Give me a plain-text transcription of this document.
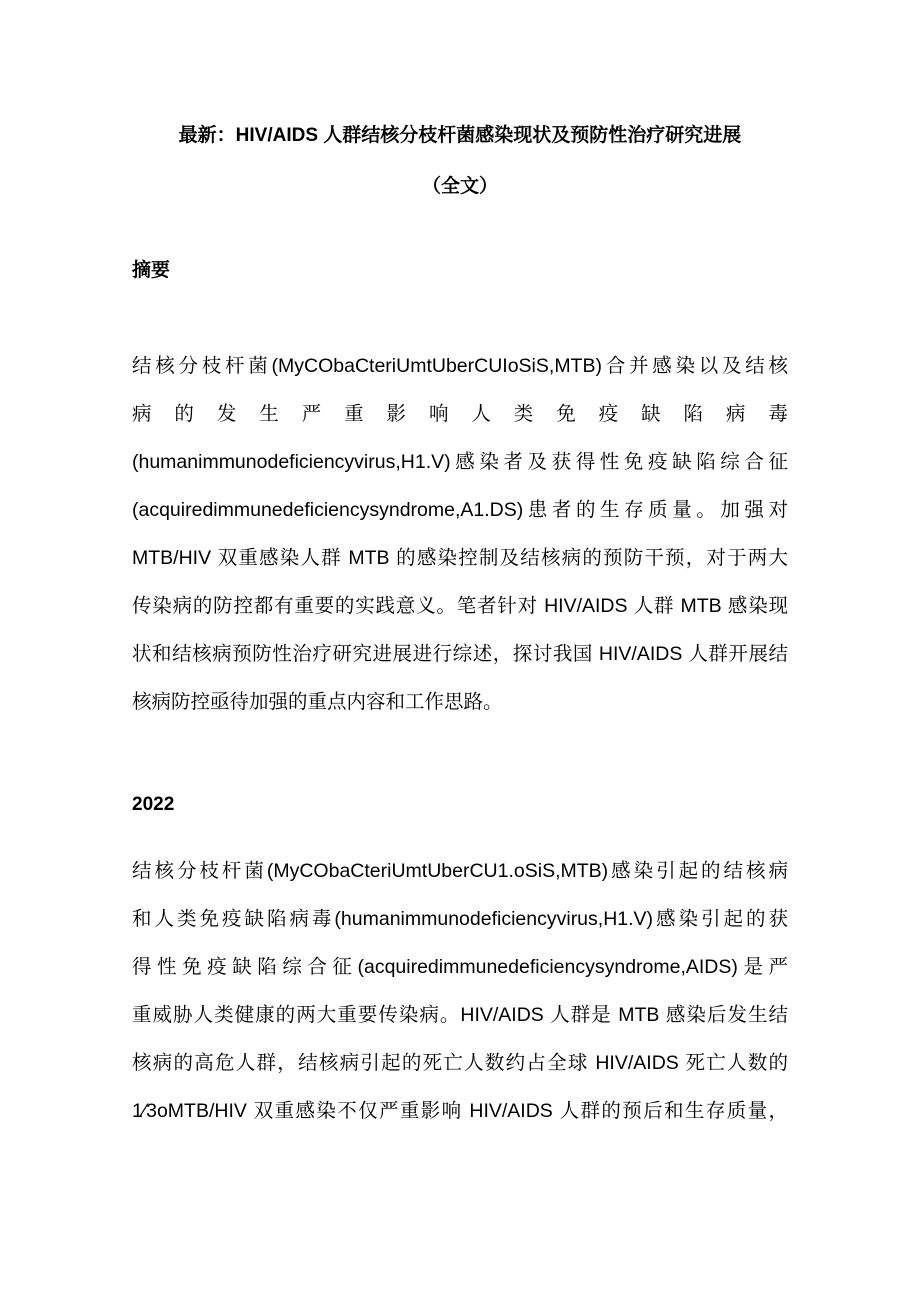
最新：HIV/AIDS 人群结核分枝杆菌感染现状及预防性治疗研究进展
（全文）
摘要
结核分枝杆菌(MyCObaCteriUmtUberCUIoSiS,MTB)合并感染以及结核
病 的 发 生 严 重 影 响 人 类 免 疫 缺 陷 病 毒
(humanimmunodeficiencyvirus,H1.V)感染者及获得性免疫缺陷综合征
(acquiredimmunedeficiencysyndrome,A1.DS)患者的生存质量。加强对
MTB/HIV 双重感染人群 MTB 的感染控制及结核病的预防干预，对于两大
传染病的防控都有重要的实践意义。笔者针对 HIV/AIDS 人群 MTB 感染现
状和结核病预防性治疗研究进展进行综述，探讨我国 HIV/AIDS 人群开展结
核病防控亟待加强的重点内容和工作思路。
2022
结核分枝杆菌(MyCObaCteriUmtUberCU1.oSiS,MTB)感染引起的结核病
和人类免疫缺陷病毒(humanimmunodeficiencyvirus,H1.V)感染引起的获
得性免疫缺陷综合征(acquiredimmunedeficiencysyndrome,AIDS)是严
重威胁人类健康的两大重要传染病。HIV/AIDS 人群是 MTB 感染后发生结
核病的高危人群，结核病引起的死亡人数约占全球 HIV/AIDS 死亡人数的
1⁄3oMTB/HIV 双重感染不仅严重影响 HIV/AIDS 人群的预后和生存质量，
